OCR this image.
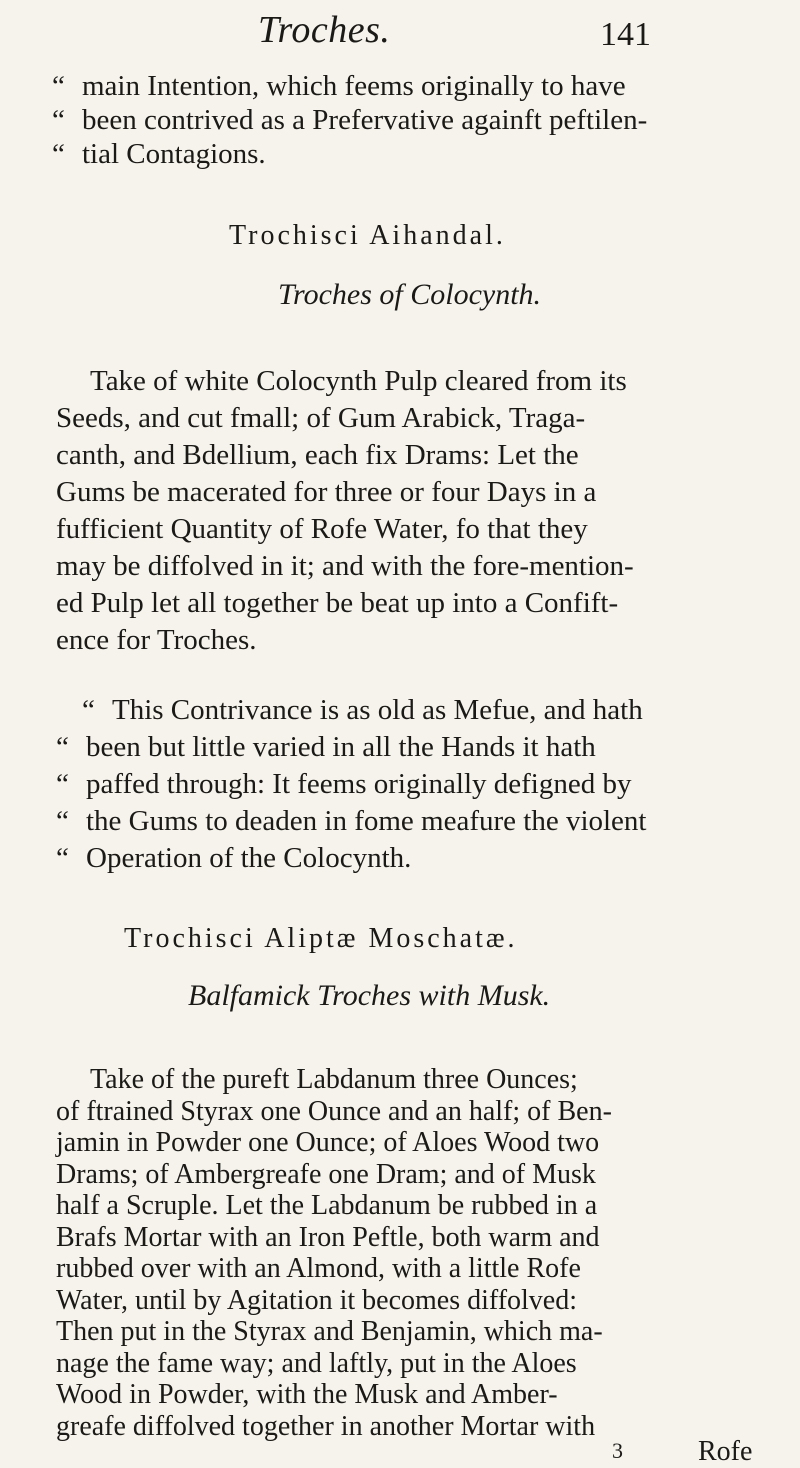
Troches.	141
“ main Intention, which feems originally to have
“ been contrived as a Prefervative againft peftilen-
“ tial Contagions.
Trochisci Aihandal.
Troches of Colocynth.
Take of white Colocynth Pulp cleared from its
Seeds, and cut fmall; of Gum Arabick, Traga-
canth, and Bdellium, each fix Drams: Let the
Gums be macerated for three or four Days in a
fufficient Quantity of Rofe Water, fo that they
may be diffolved in it; and with the fore-mention-
ed Pulp let all together be beat up into a Confift-
ence for Troches.
“ This Contrivance is as old as Mefue, and hath
“ been but little varied in all the Hands it hath
“ paffed through: It feems originally defigned by
“ the Gums to deaden in fome meafure the violent
“ Operation of the Colocynth.
Trochisci Aliptæ Moschatæ.
Balfamick Troches with Musk.
Take of the pureft Labdanum three Ounces;
of ftrained Styrax one Ounce and an half; of Ben-
jamin in Powder one Ounce; of Aloes Wood two
Drams; of Ambergreafe one Dram; and of Musk
half a Scruple. Let the Labdanum be rubbed in a
Brafs Mortar with an Iron Peftle, both warm and
rubbed over with an Almond, with a little Rofe
Water, until by Agitation it becomes diffolved:
Then put in the Styrax and Benjamin, which ma-
nage the fame way; and laftly, put in the Aloes
Wood in Powder, with the Musk and Amber-
greafe diffolved together in another Mortar with
3	Rofe
